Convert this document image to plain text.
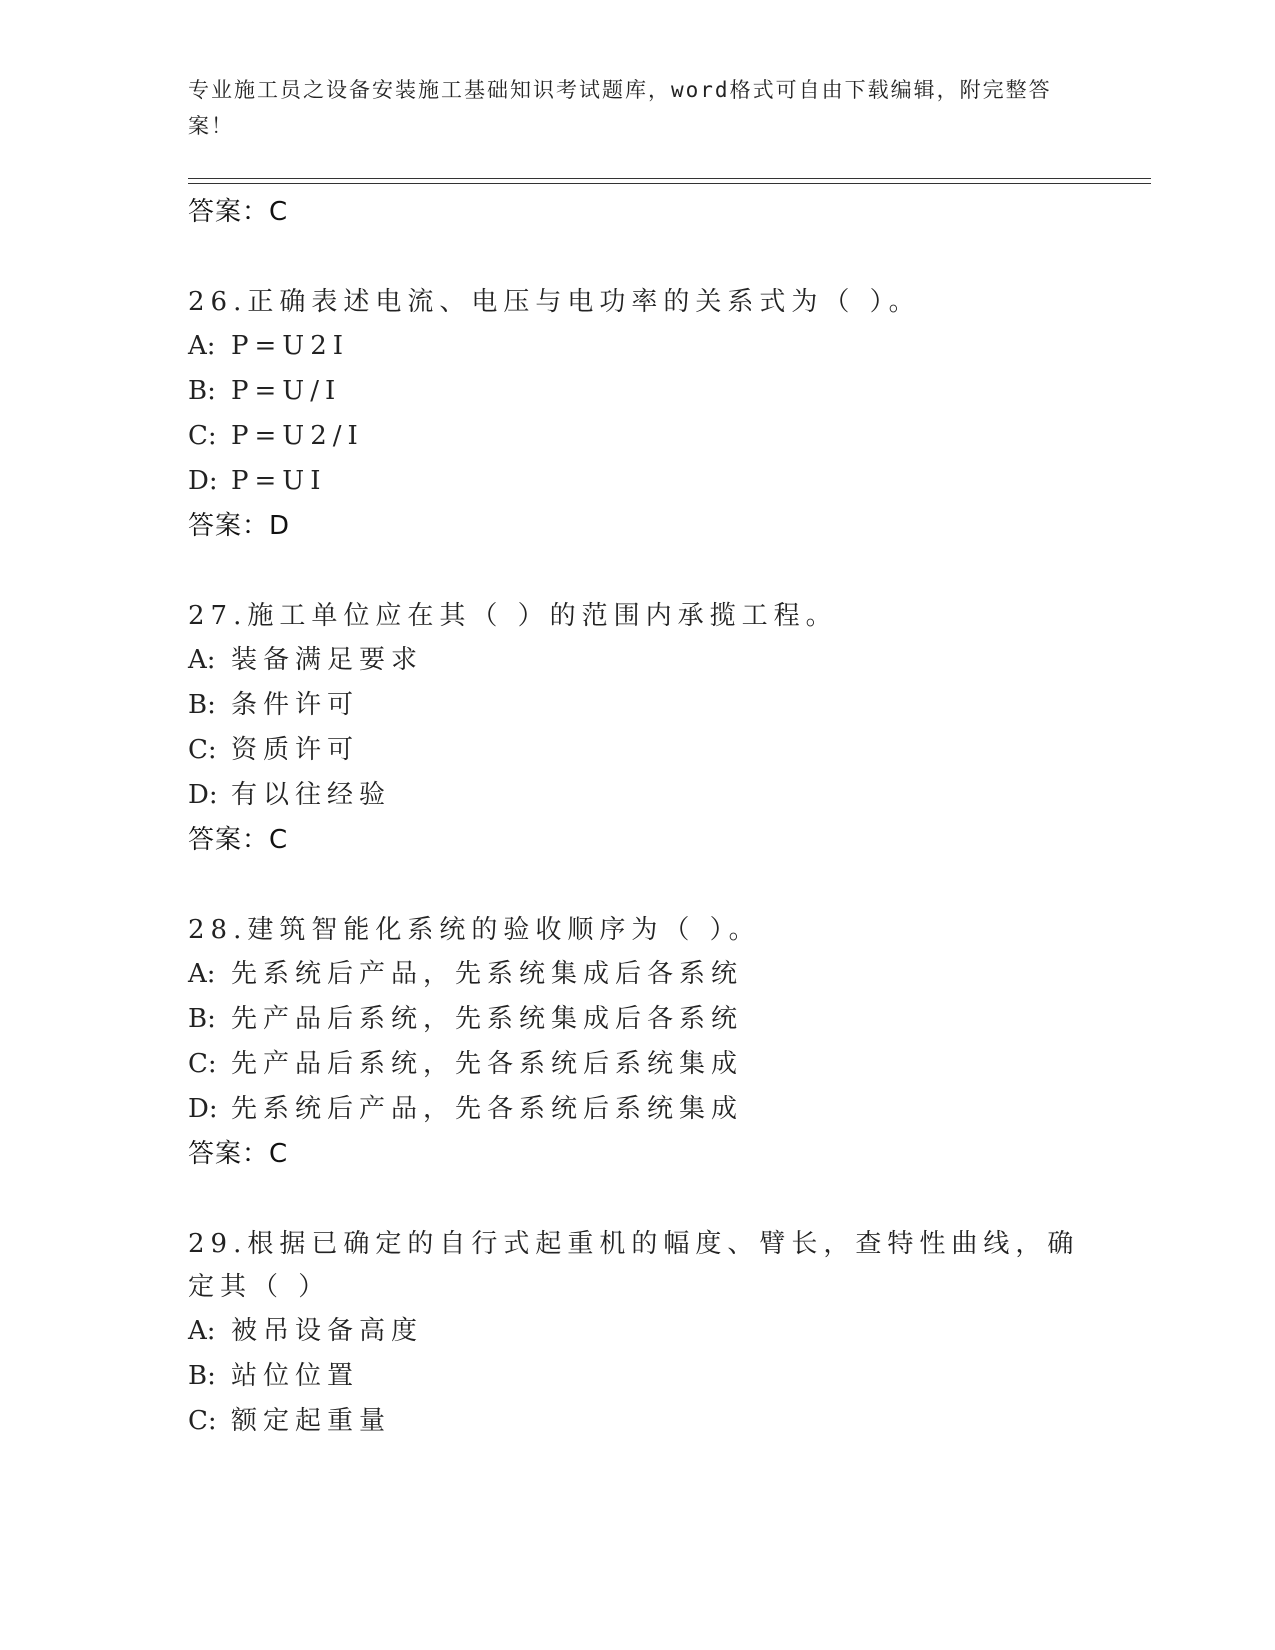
专业施工员之设备安装施工基础知识考试题库，word格式可自由下载编辑，附完整答案！
答案：C
26.正确表述电流、电压与电功率的关系式为（ ）。
A: P=U2I
B: P=U/I
C: P=U2/I
D: P=UI
答案：D
27.施工单位应在其（ ）的范围内承揽工程。
A: 装备满足要求
B: 条件许可
C: 资质许可
D: 有以往经验
答案：C
28.建筑智能化系统的验收顺序为（ ）。
A: 先系统后产品，先系统集成后各系统
B: 先产品后系统，先系统集成后各系统
C: 先产品后系统，先各系统后系统集成
D: 先系统后产品，先各系统后系统集成
答案：C
29.根据已确定的自行式起重机的幅度、臂长，查特性曲线，确定其（ ）
A: 被吊设备高度
B: 站位位置
C: 额定起重量
